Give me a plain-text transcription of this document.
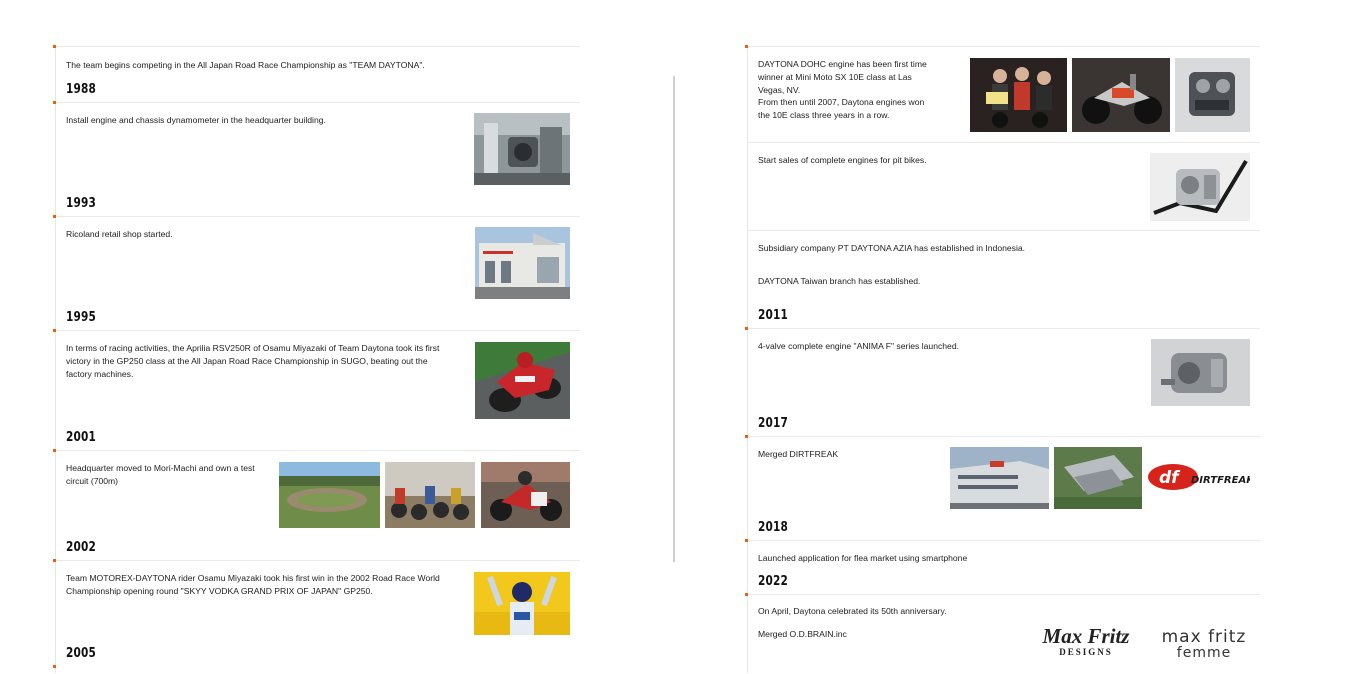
The team begins competing in the All Japan Road Race Championship as "TEAM DAYTONA".
1988
Install engine and chassis dynamometer in the headquarter building.
1993
Ricoland retail shop started.
1995
In terms of racing activities, the Aprilia RSV250R of Osamu Miyazaki of Team Daytona took its first victory in the GP250 class at the All Japan Road Race Championship in SUGO, beating out the factory machines.
2001
Headquarter moved to Mori-Machi and own a test circuit (700m)
2002
Team MOTOREX-DAYTONA rider Osamu Miyazaki took his first win in the 2002 Road Race World Championship opening round "SKYY VODKA GRAND PRIX OF JAPAN" GP250.
2005
DAYTONA DOHC engine has been first time winner at Mini Moto SX 10E class at Las Vegas, NV.
From then until 2007, Daytona engines won the 10E class three years in a row.
Start sales of complete engines for pit bikes.
Subsidiary company PT DAYTONA AZIA has established in Indonesia.
DAYTONA Taiwan branch has established.
2011
4-valve complete engine "ANIMA F" series launched.
2017
Merged DIRTFREAK
df DIRTFREAK
2018
Launched application for flea market using smartphone
2022
On April, Daytona celebrated its 50th anniversary.
Merged O.D.BRAIN.inc	Max Fritz
DESIGNS
max fritz
femme
